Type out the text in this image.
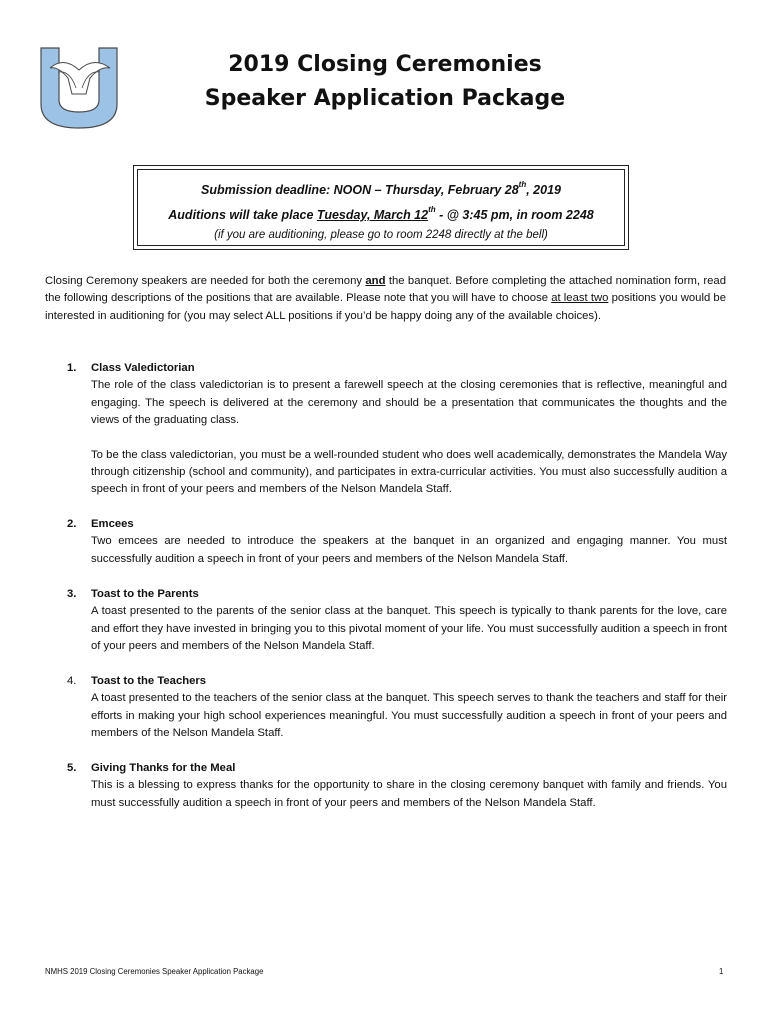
2019 Closing Ceremonies
Speaker Application Package
Submission deadline: NOON – Thursday, February 28th, 2019
Auditions will take place Tuesday, March 12th - @ 3:45 pm, in room 2248
(if you are auditioning, please go to room 2248 directly at the bell)
Closing Ceremony speakers are needed for both the ceremony and the banquet. Before completing the attached nomination form, read the following descriptions of the positions that are available. Please note that you will have to choose at least two positions you would be interested in auditioning for (you may select ALL positions if you’d be happy doing any of the available choices).
1. Class Valedictorian

The role of the class valedictorian is to present a farewell speech at the closing ceremonies that is reflective, meaningful and engaging. The speech is delivered at the ceremony and should be a presentation that communicates the thoughts and the views of the graduating class.

To be the class valedictorian, you must be a well-rounded student who does well academically, demonstrates the Mandela Way through citizenship (school and community), and participates in extra-curricular activities. You must also successfully audition a speech in front of your peers and members of the Nelson Mandela Staff.

2. Emcees

Two emcees are needed to introduce the speakers at the banquet in an organized and engaging manner. You must successfully audition a speech in front of your peers and members of the Nelson Mandela Staff.

3. Toast to the Parents

A toast presented to the parents of the senior class at the banquet. This speech is typically to thank parents for the love, care and effort they have invested in bringing you to this pivotal moment of your life. You must successfully audition a speech in front of your peers and members of the Nelson Mandela Staff.

4. Toast to the Teachers

A toast presented to the teachers of the senior class at the banquet. This speech serves to thank the teachers and staff for their efforts in making your high school experiences meaningful. You must successfully audition a speech in front of your peers and members of the Nelson Mandela Staff.

5. Giving Thanks for the Meal

This is a blessing to express thanks for the opportunity to share in the closing ceremony banquet with family and friends. You must successfully audition a speech in front of your peers and members of the Nelson Mandela Staff.

NMHS 2019 Closing Ceremonies Speaker Application Package	1
